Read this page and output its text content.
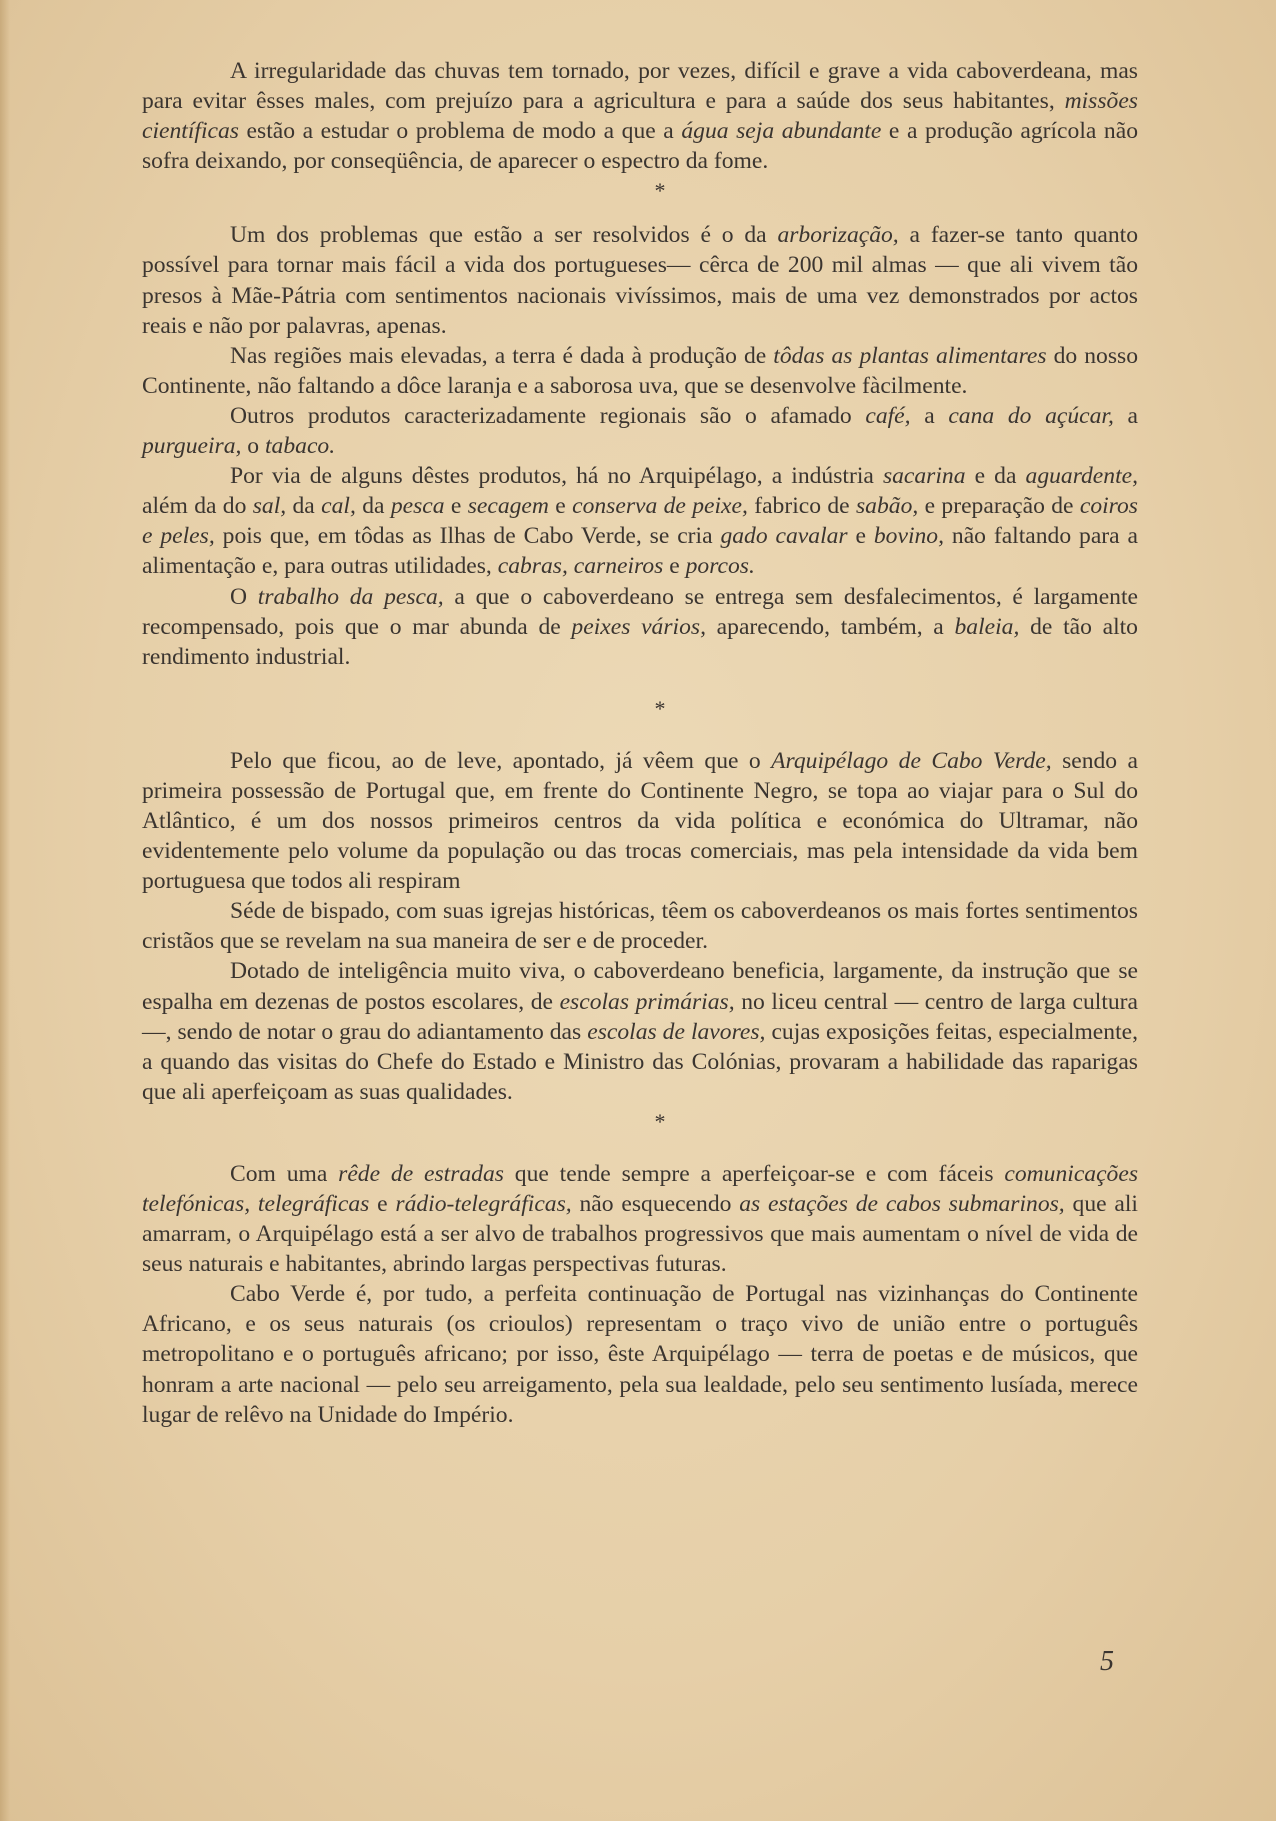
A irregularidade das chuvas tem tornado, por vezes, difícil e grave a vida caboverdeana, mas para evitar êsses males, com prejuízo para a agricultura e para a saúde dos seus habitantes, missões científicas estão a estudar o problema de modo a que a água seja abundante e a produção agrícola não sofra deixando, por conseqüência, de aparecer o espectro da fome.

*

Um dos problemas que estão a ser resolvidos é o da arborização, a fazer-se tanto quanto possível para tornar mais fácil a vida dos portugueses— cêrca de 200 mil almas — que ali vivem tão presos à Mãe-Pátria com sentimentos nacionais vivíssimos, mais de uma vez demonstrados por actos reais e não por palavras, apenas.

Nas regiões mais elevadas, a terra é dada à produção de tôdas as plantas alimentares do nosso Continente, não faltando a dôce laranja e a saborosa uva, que se desenvolve fàcilmente.

Outros produtos caracterizadamente regionais são o afamado café, a cana do açúcar, a purgueira, o tabaco.

Por via de alguns dêstes produtos, há no Arquipélago, a indústria sacarina e da aguardente, além da do sal, da cal, da pesca e secagem e conserva de peixe, fabrico de sabão, e preparação de coiros e peles, pois que, em tôdas as Ilhas de Cabo Verde, se cria gado cavalar e bovino, não faltando para a alimentação e, para outras utilidades, cabras, carneiros e porcos.

O trabalho da pesca, a que o caboverdeano se entrega sem desfalecimentos, é largamente recompensado, pois que o mar abunda de peixes vários, aparecendo, também, a baleia, de tão alto rendimento industrial.

*

Pelo que ficou, ao de leve, apontado, já vêem que o Arquipélago de Cabo Verde, sendo a primeira possessão de Portugal que, em frente do Continente Negro, se topa ao viajar para o Sul do Atlântico, é um dos nossos primeiros centros da vida política e económica do Ultramar, não evidentemente pelo volume da população ou das trocas comerciais, mas pela intensidade da vida bem portuguesa que todos ali respiram

Séde de bispado, com suas igrejas históricas, têem os caboverdeanos os mais fortes sentimentos cristãos que se revelam na sua maneira de ser e de proceder.

Dotado de inteligência muito viva, o caboverdeano beneficia, largamente, da instrução que se espalha em dezenas de postos escolares, de escolas primárias, no liceu central — centro de larga cultura —, sendo de notar o grau do adiantamento das escolas de lavores, cujas exposições feitas, especialmente, a quando das visitas do Chefe do Estado e Ministro das Colónias, provaram a habilidade das raparigas que ali aperfeiçoam as suas qualidades.

*

Com uma rêde de estradas que tende sempre a aperfeiçoar-se e com fáceis comunicações telefónicas, telegráficas e rádio-telegráficas, não esquecendo as estações de cabos submarinos, que ali amarram, o Arquipélago está a ser alvo de trabalhos progressivos que mais aumentam o nível de vida de seus naturais e habitantes, abrindo largas perspectivas futuras.

Cabo Verde é, por tudo, a perfeita continuação de Portugal nas vizinhanças do Continente Africano, e os seus naturais (os crioulos) representam o traço vivo de união entre o português metropolitano e o português africano; por isso, êste Arquipélago — terra de poetas e de músicos, que honram a arte nacional — pelo seu arreigamento, pela sua lealdade, pelo seu sentimento lusíada, merece lugar de relêvo na Unidade do Império.

5
